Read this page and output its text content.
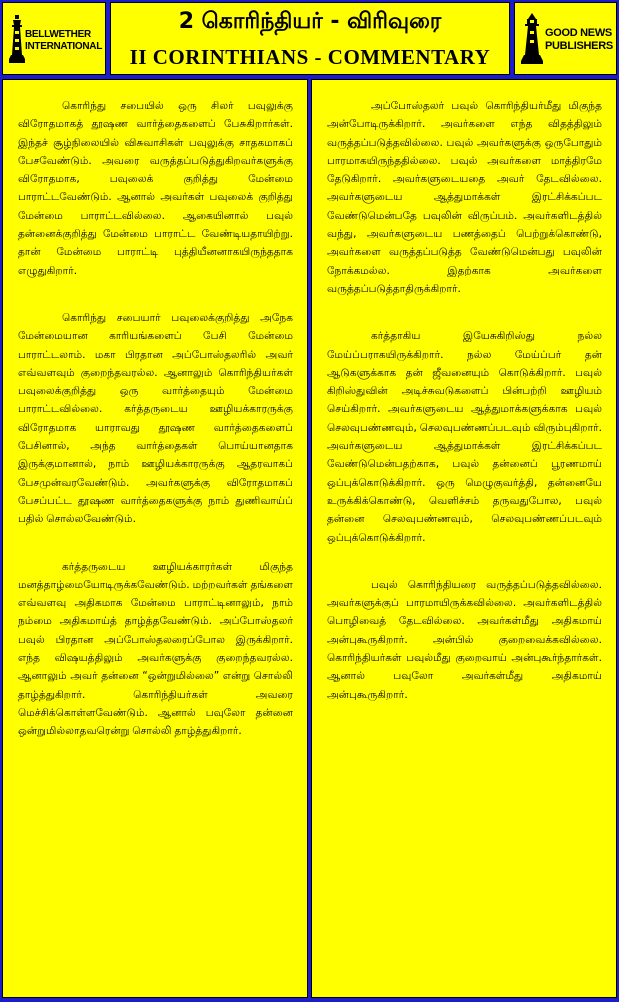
BELLWETHER
INTERNATIONAL
2 கொரிந்தியர் - விரிவுரை
II CORINTHIANS - COMMENTARY
GOOD NEWS
PUBLISHERS

கொரிந்து சபையில் ஒரு சிலர் பவுலுக்கு விரோதமாகத் தூஷண வார்த்தைகளைப் பேசுகிறார்கள். இந்தச் சூழ்நிலையில் விசுவாசிகள் பவுலுக்கு சாதகமாகப் பேசவேண்டும். அவரை வருத்தப்படுத்துகிறவர்களுக்கு விரோதமாக, பவுலைக் குறித்து மேன்மை பாராட்டவேண்டும். ஆனால் அவர்கள் பவுலைக் குறித்து மேன்மை பாராட்டவில்லை. ஆகையினால் பவுல் தன்னைக்குறித்து மேன்மை பாராட்ட வேண்டியதாயிற்று. தான் மேன்மை பாராட்டி புத்தியீனனாகயிருந்ததாக எழுதுகிறார்.

கொரிந்து சபையார் பவுலைக்குறித்து அநேக மேன்மையான காரியங்களைப் பேசி மேன்மை பாராட்டலாம். மகா பிரதான அப்போஸ்தலரில் அவர் எவ்வளவும் குறைந்தவரல்ல. ஆனாலும் கொரிந்தியர்கள் பவுலைக்குறித்து ஒரு வார்த்தையும் மேன்மை பாராட்டவில்லை. கர்த்தருடைய ஊழியக்காரருக்கு விரோதமாக யாராவது தூஷண வார்த்தைகளைப் பேசினால், அந்த வார்த்தைகள் பொய்யானதாக இருக்குமானால், நாம் ஊழியக்காரருக்கு ஆதரவாகப் பேசமுன்வரவேண்டும். அவர்களுக்கு விரோதமாகப் பேசப்பட்ட தூஷண வார்த்தைகளுக்கு நாம் துணிவாய்ப் பதில் சொல்லவேண்டும்.

கர்த்தருடைய ஊழியக்காரர்கள் மிகுந்த மனத்தாழ்மையோடிருக்கவேண்டும். மற்றவர்கள் தங்களை எவ்வளவு அதிகமாக மேன்மை பாராட்டினாலும், நாம் நம்மை அதிகமாய்த் தாழ்த்தவேண்டும். அப்போஸ்தலர் பவுல் பிரதான அப்போஸ்தலரைப்போல இருக்கிறார். எந்த விஷயத்திலும் அவர்களுக்கு குறைந்தவரல்ல. ஆனாலும் அவர் தன்னை “ஒன்றுமில்லை” என்று சொல்லி தாழ்த்துகிறார். கொரிந்தியர்கள் அவரை மெச்சிக்கொள்ளவேண்டும். ஆனால் பவுலோ தன்னை ஒன்றுமில்லாதவரென்று சொல்லி தாழ்த்துகிறார்.

அப்போஸ்தலர் பவுல் கொரிந்தியர்மீது மிகுந்த அன்போடிருக்கிறார். அவர்களை எந்த விதத்திலும் வருத்தப்படுத்தவில்லை. பவுல் அவர்களுக்கு ஒருபோதும் பாரமாகயிருந்ததில்லை. பவுல் அவர்களை மாத்திரமே தேடுகிறார். அவர்களுடையதை அவர் தேடவில்லை. அவர்களுடைய ஆத்துமாக்கள் இரட்சிக்கப்பட வேண்டுமென்பதே பவுலின் விருப்பம். அவர்களிடத்தில் வந்து, அவர்களுடைய பணத்தைப் பெற்றுக்கொண்டு, அவர்களை வருத்தப்படுத்த வேண்டுமென்பது பவுலின் நோக்கமல்ல. இதற்காக அவர்களை வருத்தப்படுத்தாதிருக்கிறார்.

கர்த்தாகிய இயேசுகிறிஸ்து நல்ல மேய்ப்பராகயிருக்கிறார். நல்ல மேய்ப்பர் தன் ஆடுகளுக்காக தன் ஜீவனையும் கொடுக்கிறார். பவுல் கிறிஸ்துவின் அடிச்சுவடுகளைப் பின்பற்றி ஊழியம் செய்கிறார். அவர்களுடைய ஆத்துமாக்களுக்காக பவுல் செலவுபண்ணவும், செலவுபண்ணப்படவும் விரும்புகிறார். அவர்களுடைய ஆத்துமாக்கள் இரட்சிக்கப்பட வேண்டுமென்பதற்காக, பவுல் தன்னைப் பூரணமாய் ஒப்புக்கொடுக்கிறார். ஒரு மெழுகுவர்த்தி, தன்னையே உருக்கிக்கொண்டு, வெளிச்சம் தருவதுபோல, பவுல் தன்னை செலவுபண்ணவும், செலவுபண்ணப்படவும் ஒப்புக்கொடுக்கிறார்.

பவுல் கொரிந்தியரை வருத்தப்படுத்தவில்லை. அவர்களுக்குப் பாரமாயிருக்கவில்லை. அவர்களிடத்தில் பொழிவைத் தேடவில்லை. அவர்கள்மீது அதிகமாய் அன்புகூருகிறார். அன்பில் குறைவைக்கவில்லை. கொரிந்தியர்கள் பவுல்மீது குறைவாய் அன்புகூர்ந்தார்கள். ஆனால் பவுலோ அவர்கள்மீது அதிகமாய் அன்புகூருகிறார்.
